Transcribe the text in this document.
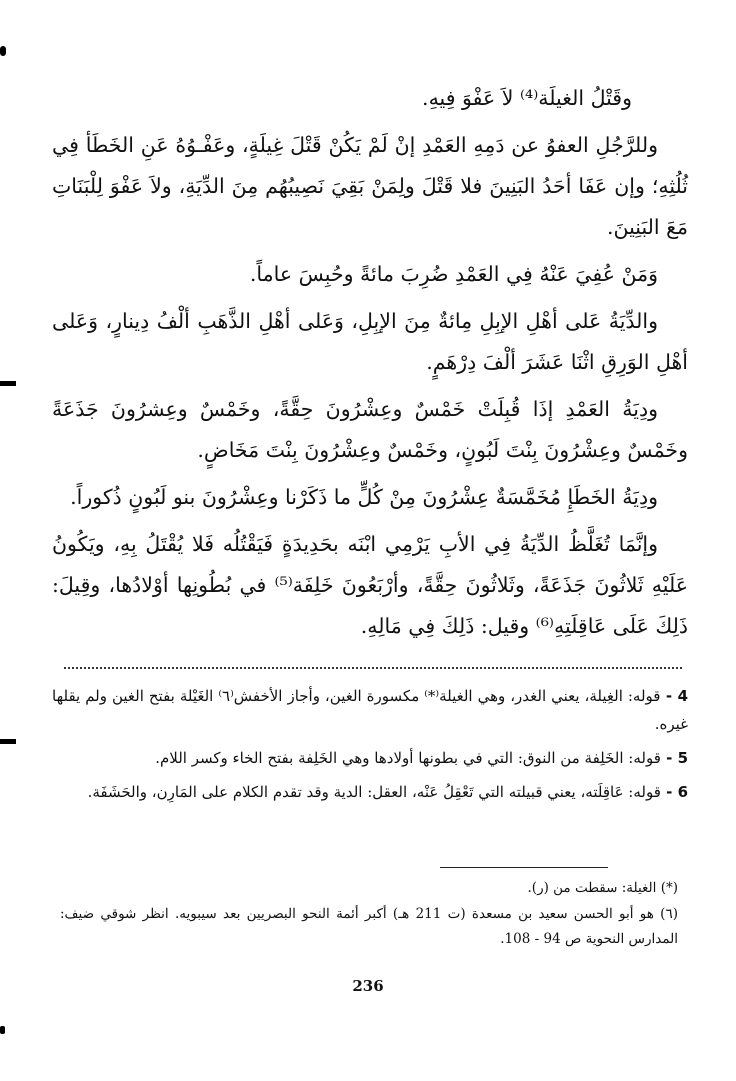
وقَتْلُ الغيلَة⁽⁴⁾ لاَ عَفْوَ فِيهِ.

وللرَّجُلِ العفوُ عن دَمِهِ العَمْدِ إنْ لَمْ يَكُنْ قَتْلَ غِيلَةٍ، وعَفْـوُهُ عَنِ الخَطَأ فِي ثُلُثِهِ؛ وإن عَفَا أحَدُ البَنِينَ فلا قَتْلَ ولِمَنْ بَقِيَ نَصِيبُهُم مِنَ الدِّيَةِ، ولاَ عَفْوَ لِلْبَنَاتِ مَعَ البَنِينَ.

وَمَنْ عُفِيَ عَنْهُ فِي العَمْدِ ضُرِبَ مائةً وحُبِسَ عاماً.

والدِّيَةُ عَلى أهْلِ الإبِلِ مِائةٌ مِنَ الإبِلِ، وَعَلى أهْلِ الذَّهَبِ ألْفُ دِينارٍ، وَعَلى أهْلِ الوَرِقِ اثْنَا عَشَرَ ألْفَ دِرْهَمٍ.

ودِيَةُ العَمْدِ إذَا قُبِلَتْ خَمْسٌ وعِشْرُونَ حِقَّةً، وخَمْسٌ وعِشرُونَ جَذَعَةً وخَمْسٌ وعِشْرُونَ بِنْتَ لَبُونٍ، وخَمْسٌ وعِشْرُونَ بِنْتَ مَخَاضٍ.

ودِيَةُ الخَطَإِ مُخَمَّسَةٌ عِشْرُونَ مِنْ كُلٍّ ما ذَكَرْنا وعِشْرُونَ بنو لَبُونٍ ذُكوراً.

وإنَّمَا تُغَلَّظُ الدِّيَةُ فِي الأبِ يَرْمِي ابْنَه بحَدِيدَةٍ فَيَقْتُلُه فَلا يُقْتَلُ بِهِ، ويَكُونُ عَلَيْهِ ثَلاثُونَ جَذَعَةً، وثَلاثُونَ حِقَّةً، وأرْبَعُونَ خَلِفَة⁽⁵⁾ في بُطُونِها أوْلادُها، وقِيلَ: ذَلِكَ عَلَى عَاقِلَتِهِ⁽⁶⁾ وقيل: ذَلِكَ فِي مَالِهِ.

4 - قوله: الغِيلة، يعني الغدر، وهي الغيلة⁽*⁾ مكسورة الغين، وأجاز الأخفش⁽٦⁾ الغَيْلة بفتح الغين ولم يقلها غيره.

5 - قوله: الخَلِفة من النوق: التي في بطونها أولادها وهي الخَلِفة بفتح الخاء وكسر اللام.

6 - قوله: عَاقِلَته، يعني قبيلته التي تَعْقِلُ عَنْه، العقل: الدية وقد تقدم الكلام على المَارِن، والحَشَفَة.

(*) الغيلة: سقطت من (ر).

(٦) هو أبو الحسن سعيد بن مسعدة (ت 211 هـ) أكبر أئمة النحو البصريين بعد سيبويه. انظر شوقي ضيف: المدارس النحوية ص 94 - 108.

236
